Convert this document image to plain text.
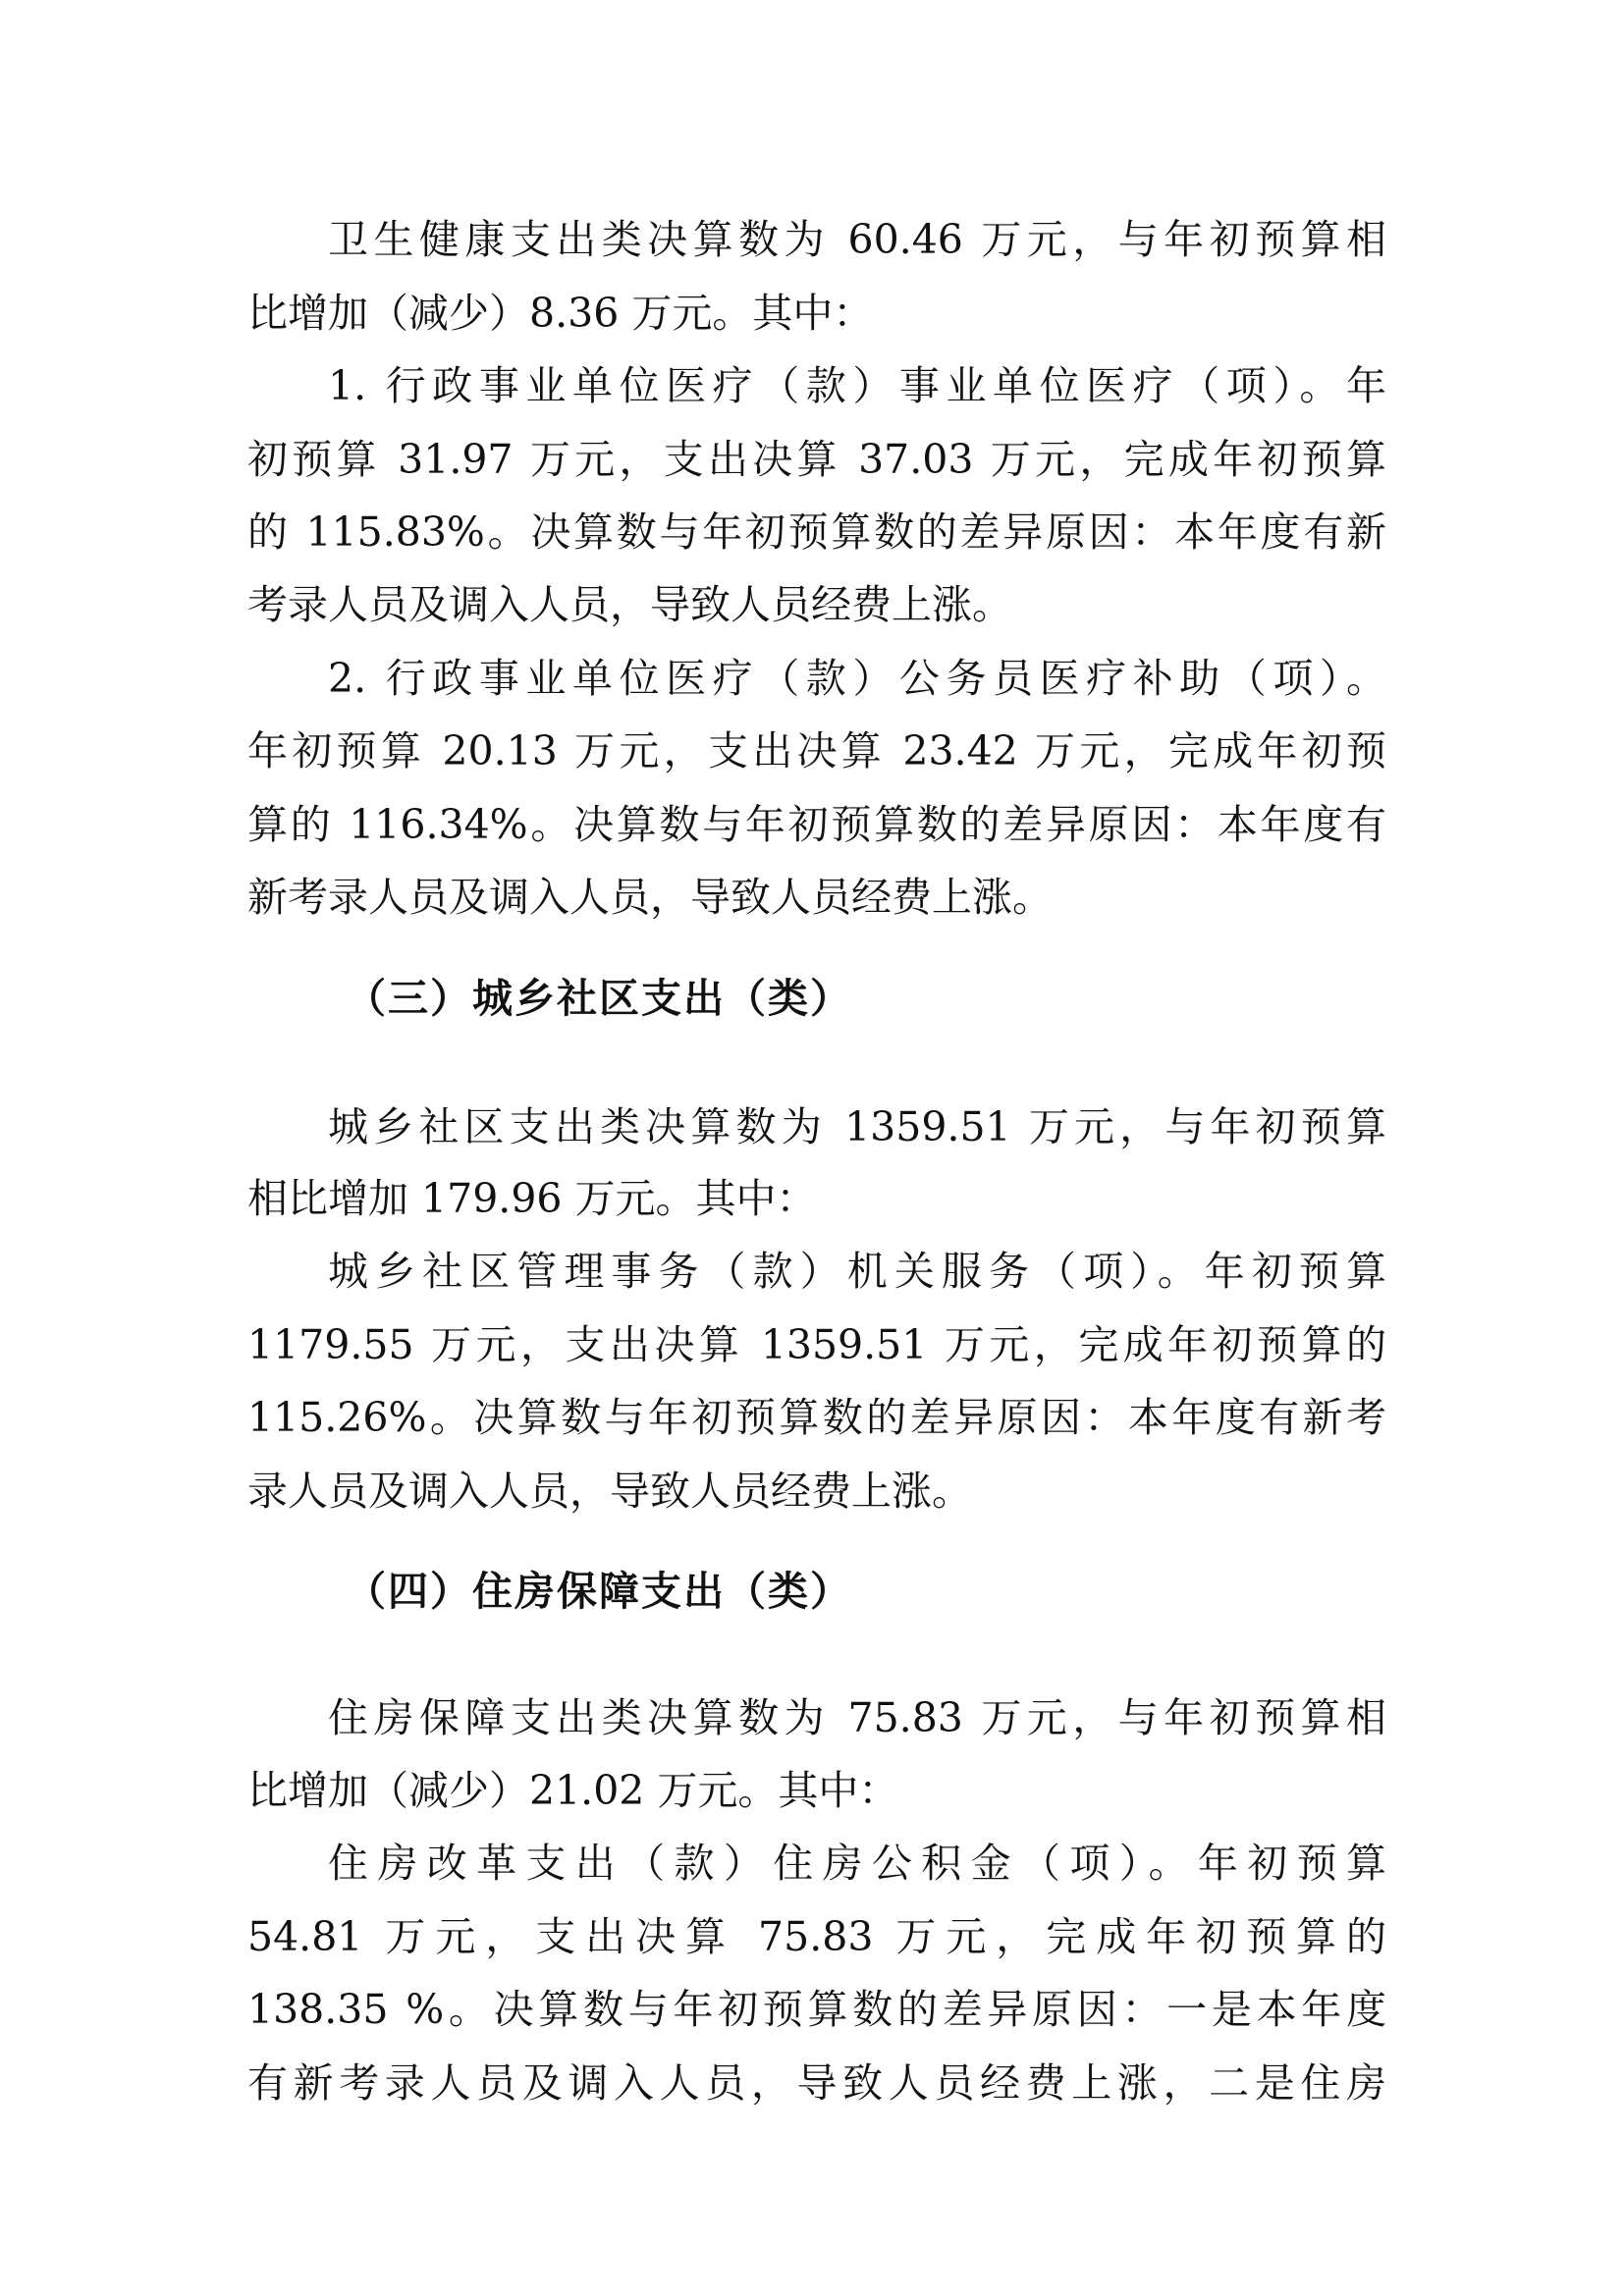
卫生健康支出类决算数为 60.46 万元，与年初预算相
比增加（减少）8.36 万元。其中：
1. 行政事业单位医疗（款）事业单位医疗（项）。年
初预算 31.97 万元，支出决算 37.03 万元，完成年初预算
的 115.83%。决算数与年初预算数的差异原因：本年度有新
考录人员及调入人员，导致人员经费上涨。
2. 行政事业单位医疗（款）公务员医疗补助（项）。
年初预算 20.13 万元，支出决算 23.42 万元，完成年初预
算的 116.34%。决算数与年初预算数的差异原因：本年度有
新考录人员及调入人员，导致人员经费上涨。
（三）城乡社区支出（类）
城乡社区支出类决算数为 1359.51 万元，与年初预算
相比增加 179.96 万元。其中：
城乡社区管理事务（款）机关服务（项）。年初预算
1179.55 万元，支出决算 1359.51 万元，完成年初预算的
115.26%。决算数与年初预算数的差异原因：本年度有新考
录人员及调入人员，导致人员经费上涨。
（四）住房保障支出（类）
住房保障支出类决算数为 75.83 万元，与年初预算相
比增加（减少）21.02 万元。其中：
住房改革支出（款）住房公积金（项）。年初预算
54.81 万元，支出决算 75.83 万元，完成年初预算的
138.35 %。决算数与年初预算数的差异原因：一是本年度
有新考录人员及调入人员，导致人员经费上涨，二是住房
